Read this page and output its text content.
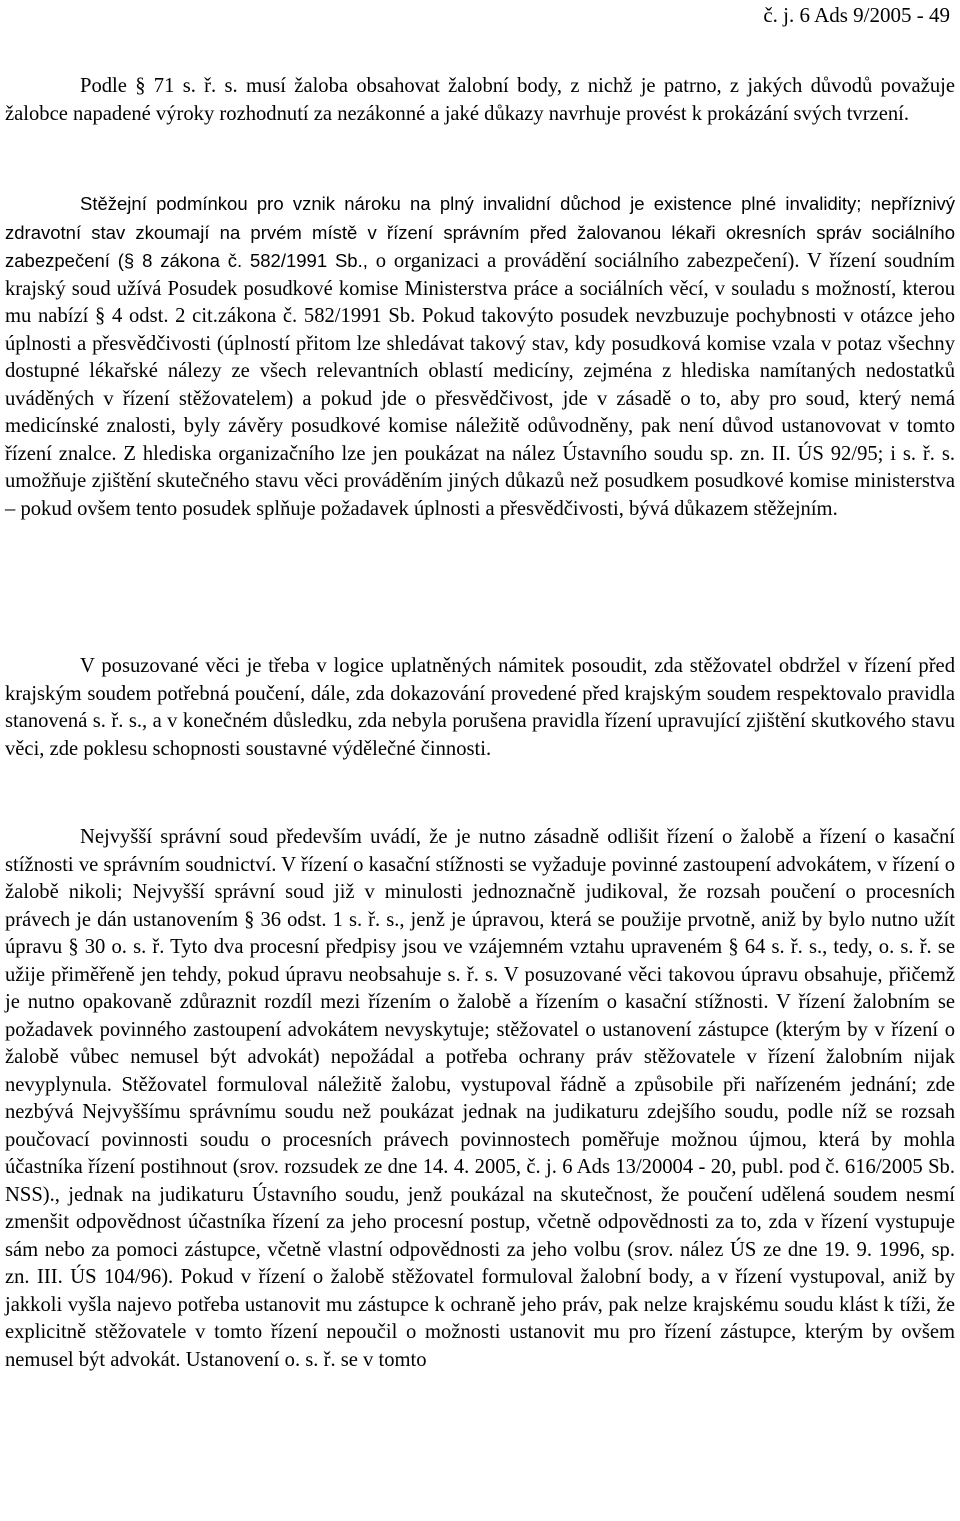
č. j. 6 Ads 9/2005 - 49

Podle § 71 s. ř. s. musí žaloba obsahovat žalobní body, z nichž je patrno, z jakých důvodů považuje žalobce napadené výroky rozhodnutí za nezákonné a jaké důkazy navrhuje provést k prokázání svých tvrzení.

Stěžejní podmínkou pro vznik nároku na plný invalidní důchod je existence plné invalidity; nepříznivý zdravotní stav zkoumají na prvém místě v řízení správním před žalovanou lékaři okresních správ sociálního zabezpečení (§ 8 zákona č. 582/1991 Sb., o organizaci a provádění sociálního zabezpečení). V řízení soudním krajský soud užívá Posudek posudkové komise Ministerstva práce a sociálních věcí, v souladu s možností, kterou mu nabízí § 4 odst. 2 cit.zákona č. 582/1991 Sb. Pokud takovýto posudek nevzbuzuje pochybnosti v otázce jeho úplnosti a přesvědčivosti (úplností přitom lze shledávat takový stav, kdy posudková komise vzala v potaz všechny dostupné lékařské nálezy ze všech relevantních oblastí medicíny, zejména z hlediska namítaných nedostatků uváděných v řízení stěžovatelem) a pokud jde o přesvědčivost, jde v zásadě o to, aby pro soud, který nemá medicínské znalosti, byly závěry posudkové komise náležitě odůvodněny, pak není důvod ustanovovat v tomto řízení znalce. Z hlediska organizačního lze jen poukázat na nález Ústavního soudu sp. zn. II. ÚS 92/95; i s. ř. s. umožňuje zjištění skutečného stavu věci prováděním jiných důkazů než posudkem posudkové komise ministerstva – pokud ovšem tento posudek splňuje požadavek úplnosti a přesvědčivosti, bývá důkazem stěžejním.

V posuzované věci je třeba v logice uplatněných námitek posoudit, zda stěžovatel obdržel v řízení před krajským soudem potřebná poučení, dále, zda dokazování provedené před krajským soudem respektovalo pravidla stanovená s. ř. s., a v konečném důsledku, zda nebyla porušena pravidla řízení upravující zjištění skutkového stavu věci, zde poklesu schopnosti soustavné výdělečné činnosti.

Nejvyšší správní soud především uvádí, že je nutno zásadně odlišit řízení o žalobě a řízení o kasační stížnosti ve správním soudnictví. V řízení o kasační stížnosti se vyžaduje povinné zastoupení advokátem, v řízení o žalobě nikoli; Nejvyšší správní soud již v minulosti jednoznačně judikoval, že rozsah poučení o procesních právech je dán ustanovením § 36 odst. 1 s. ř. s., jenž je úpravou, která se použije prvotně, aniž by bylo nutno užít úpravu § 30 o. s. ř. Tyto dva procesní předpisy jsou ve vzájemném vztahu upraveném § 64 s. ř. s., tedy, o. s. ř. se užije přiměřeně jen tehdy, pokud úpravu neobsahuje s. ř. s. V posuzované věci takovou úpravu obsahuje, přičemž je nutno opakovaně zdůraznit rozdíl mezi řízením o žalobě a řízením o kasační stížnosti. V řízení žalobním se požadavek povinného zastoupení advokátem nevyskytuje; stěžovatel o ustanovení zástupce (kterým by v řízení o žalobě vůbec nemusel být advokát) nepožádal a potřeba ochrany práv stěžovatele v řízení žalobním nijak nevyplynula. Stěžovatel formuloval náležitě žalobu, vystupoval řádně a způsobile při nařízeném jednání; zde nezbývá Nejvyššímu správnímu soudu než poukázat jednak na judikaturu zdejšího soudu, podle níž se rozsah poučovací povinnosti soudu o procesních právech povinnostech poměřuje možnou újmou, která by mohla účastníka řízení postihnout (srov. rozsudek ze dne 14. 4. 2005, č. j. 6 Ads 13/20004 - 20, publ. pod č. 616/2005 Sb. NSS)., jednak na judikaturu Ústavního soudu, jenž poukázal na skutečnost, že poučení udělená soudem nesmí zmenšit odpovědnost účastníka řízení za jeho procesní postup, včetně odpovědnosti za to, zda v řízení vystupuje sám nebo za pomoci zástupce, včetně vlastní odpovědnosti za jeho volbu (srov. nález ÚS ze dne 19. 9. 1996, sp. zn. III. ÚS 104/96). Pokud v řízení o žalobě stěžovatel formuloval žalobní body, a v řízení vystupoval, aniž by jakkoli vyšla najevo potřeba ustanovit mu zástupce k ochraně jeho práv, pak nelze krajskému soudu klást k tíži, že explicitně stěžovatele v tomto řízení nepoučil o možnosti ustanovit mu pro řízení zástupce, kterým by ovšem nemusel být advokát. Ustanovení o. s. ř. se v tomto
